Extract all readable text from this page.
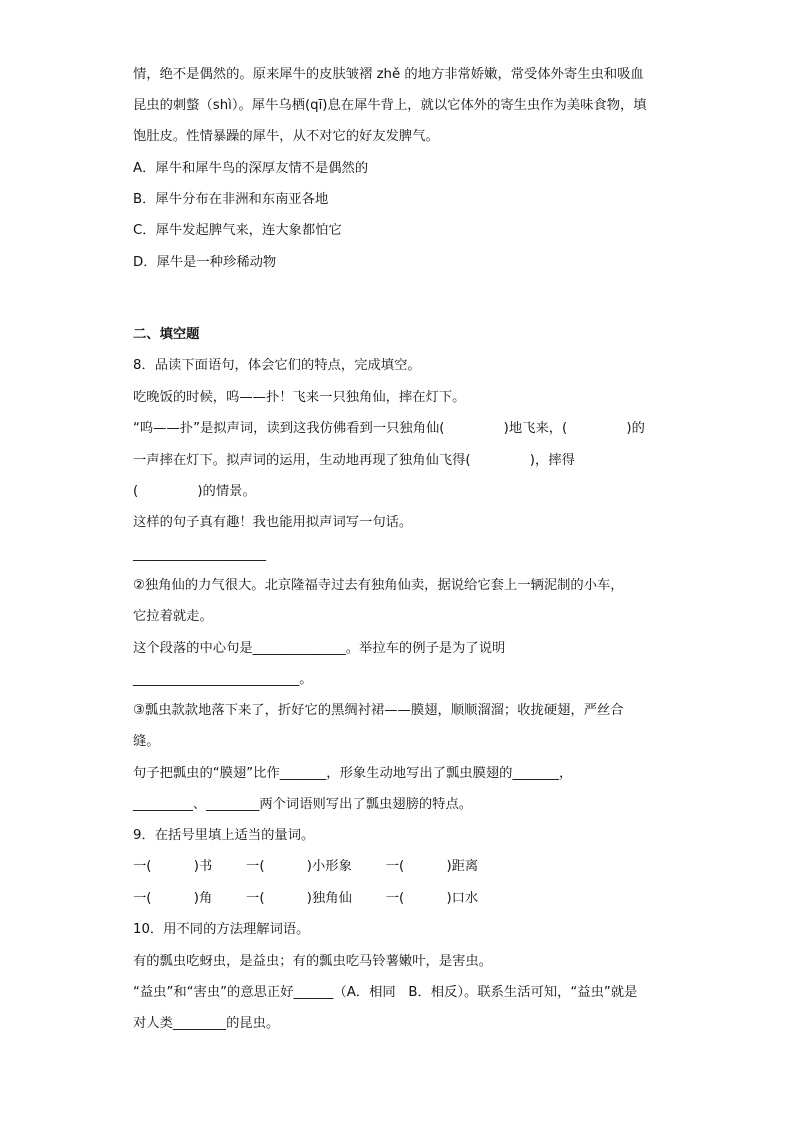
情，绝不是偶然的。原来犀牛的皮肤皱褶 zhě 的地方非常娇嫩，常受体外寄生虫和吸血
昆虫的刺螫（shì）。犀牛乌栖(qī)息在犀牛背上，就以它体外的寄生虫作为美味食物，填
饱肚皮。性情暴躁的犀牛，从不对它的好友发脾气。
A．犀牛和犀牛鸟的深厚友情不是偶然的
B．犀牛分布在非洲和东南亚各地
C．犀牛发起脾气来，连大象都怕它
D．犀牛是一种珍稀动物
二、填空题
8．品读下面语句，体会它们的特点，完成填空。
吃晚饭的时候，呜——扑！飞来一只独角仙，摔在灯下。
“呜——扑”是拟声词，读到这我仿佛看到一只独角仙(              )地飞来，(              )的
一声摔在灯下。拟声词的运用，生动地再现了独角仙飞得(              )，摔得
(              )的情景。
这样的句子真有趣！我也能用拟声词写一句话。
____________________
②独角仙的力气很大。北京隆福寺过去有独角仙卖，据说给它套上一辆泥制的小车，
它拉着就走。
这个段落的中心句是______________。举拉车的例子是为了说明
_________________________。
③瓢虫款款地落下来了，折好它的黑绸衬裙——膜翅，顺顺溜溜；收拢硬翅，严丝合
缝。
句子把瓢虫的“膜翅”比作_______，形象生动地写出了瓢虫膜翅的_______，
_________、________两个词语则写出了瓢虫翅膀的特点。
9．在括号里填上适当的量词。
一(          )书        一(          )小形象        一(          )距离
一(          )角        一(          )独角仙        一(          )口水
10．用不同的方法理解词语。
有的瓢虫吃蚜虫，是益虫；有的瓢虫吃马铃薯嫩叶，是害虫。
“益虫”和“害虫”的意思正好______（A．相同   B．相反）。联系生活可知，“益虫”就是
对人类________的昆虫。
